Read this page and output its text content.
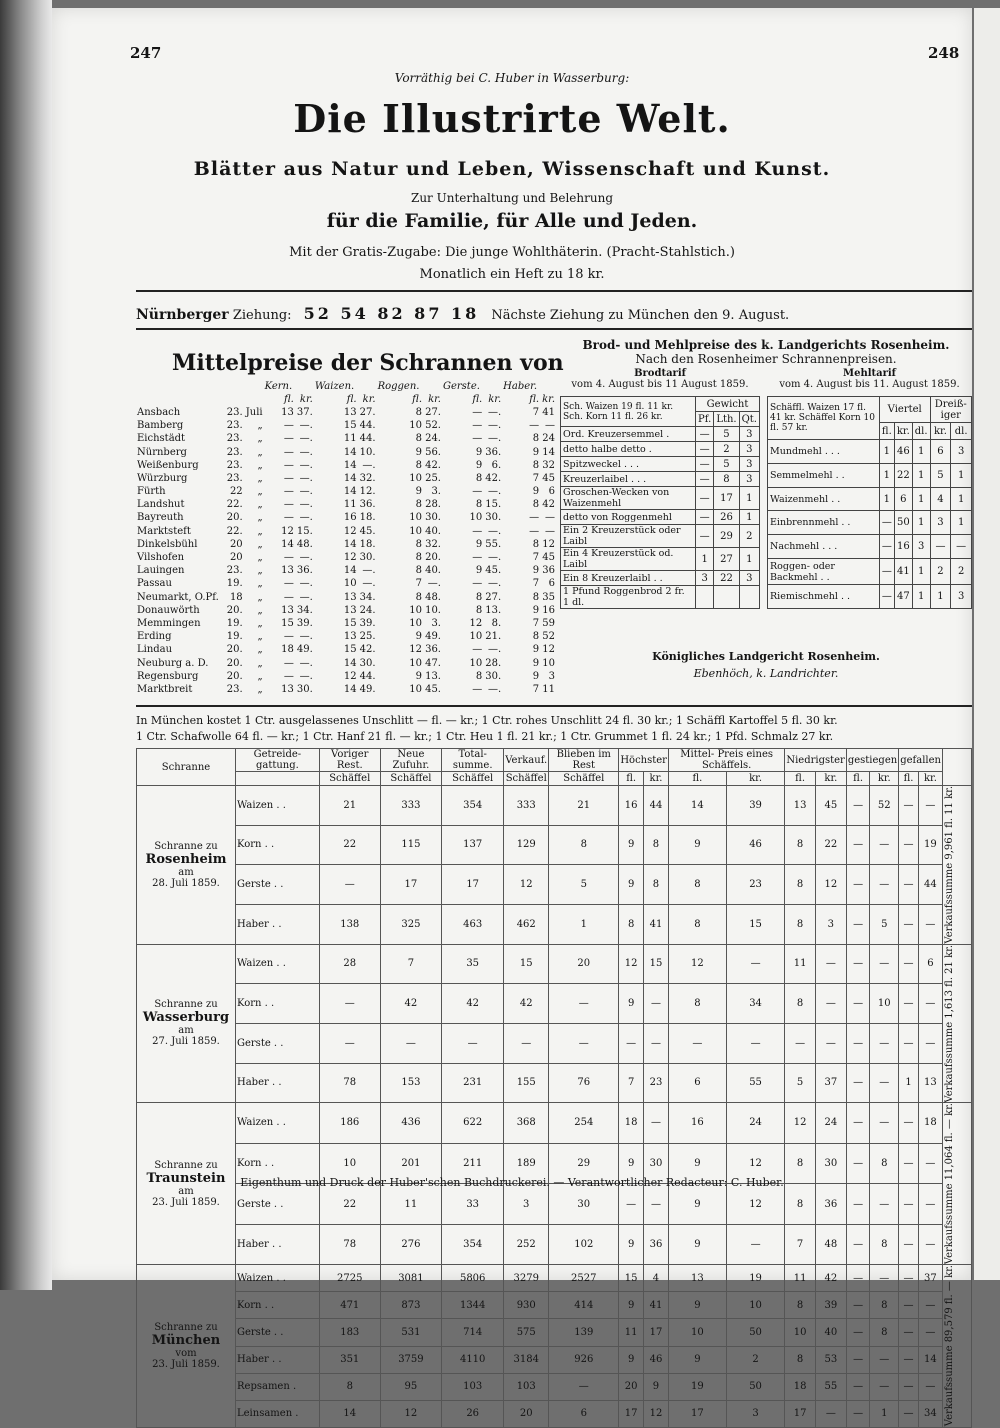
247	248
Vorräthig bei C. Huber in Wasserburg:
Die Illustrirte Welt.
Blätter aus Natur und Leben, Wissenschaft und Kunst.
Zur Unterhaltung und Belehrung
für die Familie, für Alle und Jeden.
Mit der Gratis-Zugabe: Die junge Wohlthäterin. (Pracht-Stahlstich.)
Monatlich ein Heft zu 18 kr.
Nürnberger Ziehung: 52 54 82 87 18 Nächste Ziehung zu München den 9. August.
Mittelpreise der Schrannen von
			Kern.		Waizen.		Roggen.		Gerste.		Haber.	
			fl.	kr.	fl.	kr.	fl.	kr.	fl.	kr.	fl.	kr.
Ansbach	23.	Juli	13	37.	13	27.	8	27.	—	—.	7	41
Bamberg	23.	„	—	—.	15	44.	10	52.	—	—.	—	—
Eichstädt	23.	„	—	—.	11	44.	8	24.	—	—.	8	24
Nürnberg	23.	„	—	—.	14	10.	9	56.	9	36.	9	14
Weißenburg	23.	„	—	—.	14	—.	8	42.	9	6.	8	32
Würzburg	23.	„	—	—.	14	32.	10	25.	8	42.	7	45
Fürth	22	„	—	—.	14	12.	9	3.	—	—.	9	6
Landshut	22.	„	—	—.	11	36.	8	28.	8	15.	8	42
Bayreuth	20.	„	—	—.	16	18.	10	30.	10	30.	—	—
Marktsteft	22.	„	12	15.	12	45.	10	40.	—	—.	—	—
Dinkelsbühl	20	„	14	48.	14	18.	8	32.	9	55.	8	12
Vilshofen	20	„	—	—.	12	30.	8	20.	—	—.	7	45
Lauingen	23.	„	13	36.	14	—.	8	40.	9	45.	9	36
Passau	19.	„	—	—.	10	—.	7	—.	—	—.	7	6
Neumarkt, O.Pf.	18	„	—	—.	13	34.	8	48.	8	27.	8	35
Donauwörth	20.	„	13	34.	13	24.	10	10.	8	13.	9	16
Memmingen	19.	„	15	39.	15	39.	10	3.	12	8.	7	59
Erding	19.	„	—	—.	13	25.	9	49.	10	21.	8	52
Lindau	20.	„	18	49.	15	42.	12	36.	—	—.	9	12
Neuburg a. D.	20.	„	—	—.	14	30.	10	47.	10	28.	9	10
Regensburg	20.	„	—	—.	12	44.	9	13.	8	30.	9	3
Marktbreit	23.	„	13	30.	14	49.	10	45.	—	—.	7	11
Brod- und Mehlpreise des k. Landgerichts Rosenheim.
Nach den Rosenheimer Schrannenpreisen.
Brodtarif
vom 4. August bis 11 August 1859.
Mehltarif
vom 4. August bis 11. August 1859.
Sch. Waizen 19 fl. 11 kr. Sch. Korn 11 fl. 26 kr.	Gewicht		
	Pf.	Lth.	Qt.
Ord. Kreuzersemmel .	—	5	3
detto halbe detto .	—	2	3
Spitzweckel . . .	—	5	3
Kreuzerlaibel . . .	—	8	3
Groschen-Wecken von Waizenmehl	—	17	1
detto von Roggenmehl	—	26	1
Ein 2 Kreuzerstück oder Laibl	—	29	2
Ein 4 Kreuzerstück od. Laibl	1	27	1
Ein 8 Kreuzerlaibl . .	3	22	3
1 Pfund Roggenbrod 2 fr. 1 dl.			
Schäffl. Waizen 17 fl. 41 kr. Schäffel Korn 10 fl. 57 kr.	Viertel			Dreiß-iger	
	fl.	kr.	dl.	kr.	dl.
Mundmehl . . .	1	46	1	6	3
Semmelmehl . .	1	22	1	5	1
Waizenmehl . .	1	6	1	4	1
Einbrennmehl . .	—	50	1	3	1
Nachmehl . . .	—	16	3	—	—
Roggen- oder Backmehl . .	—	41	1	2	2
Riemischmehl . .	—	47	1	1	3
Königliches Landgericht Rosenheim.
Ebenhöch, k. Landrichter.
In München kostet 1 Ctr. ausgelassenes Unschlitt — fl. — kr.; 1 Ctr. rohes Unschlitt 24 fl. 30 kr.; 1 Schäffl Kartoffel 5 fl. 30 kr.
1 Ctr. Schafwolle 64 fl. — kr.; 1 Ctr. Hanf 21 fl. — kr.; 1 Ctr. Heu 1 fl. 21 kr.; 1 Ctr. Grummet 1 fl. 24 kr.; 1 Pfd. Schmalz 27 kr.
Schranne	Getreide-gattung.	Voriger Rest.	Neue Zufuhr.	Total-summe.	Verkauf.	Blieben im Rest	Höchster		Mittel- Preis eines Schäffels.		Niedrigster		gestiegen		gefallen		
		Schäffel	Schäffel	Schäffel	Schäffel	Schäffel	fl.	kr.	fl.	kr.	fl.	kr.	fl.	kr.	fl.	kr.	

Schranne zu
Rosenheim
am
28. Juli 1859.	Waizen . .	21	333	354	333	21	16	44	14	39	13	45	—	52	—	—	Verkaufssumme 9,961 fl. 11 kr.

	Korn . .	22	115	137	129	8	9	8	9	46	8	22	—	—	—	19	
	Gerste . .	—	17	17	12	5	9	8	8	23	8	12	—	—	—	44	
	Haber . .	138	325	463	462	1	8	41	8	15	8	3	—	5	—	—	

Schranne zu
Wasserburg
am
27. Juli 1859.	Waizen . .	28	7	35	15	20	12	15	12	—	11	—	—	—	—	6	Verkaufssumme 1,613 fl. 21 kr.

	Korn . .	—	42	42	42	—	9	—	8	34	8	—	—	10	—	—	
	Gerste . .	—	—	—	—	—	—	—	—	—	—	—	—	—	—	—	
	Haber . .	78	153	231	155	76	7	23	6	55	5	37	—	—	1	13	

Schranne zu
Traunstein
am
23. Juli 1859.	Waizen . .	186	436	622	368	254	18	—	16	24	12	24	—	—	—	18	Verkaufssumme 11,064 fl. — kr.

	Korn . .	10	201	211	189	29	9	30	9	12	8	30	—	8	—	—	
	Gerste . .	22	11	33	3	30	—	—	9	12	8	36	—	—	—	—	
	Haber . .	78	276	354	252	102	9	36	9	—	7	48	—	8	—	—	

Schranne zu
München
vom
23. Juli 1859.	Waizen . .	2725	3081	5806	3279	2527	15	4	13	19	11	42	—	—	—	37	Verkaufssumme 89,579 fl. — kr.

	Korn . .	471	873	1344	930	414	9	41	9	10	8	39	—	8	—	—	
	Gerste . .	183	531	714	575	139	11	17	10	50	10	40	—	8	—	—	
	Haber . .	351	3759	4110	3184	926	9	46	9	2	8	53	—	—	—	14	
	Repsamen .	8	95	103	103	—	20	9	19	50	18	55	—	—	—	—	
	Leinsamen .	14	12	26	20	6	17	12	17	3	17	—	—	1	—	34	
Eigenthum und Druck der Huber'schen Buchdruckerei. — Verantwortlicher Redacteur: C. Huber.
